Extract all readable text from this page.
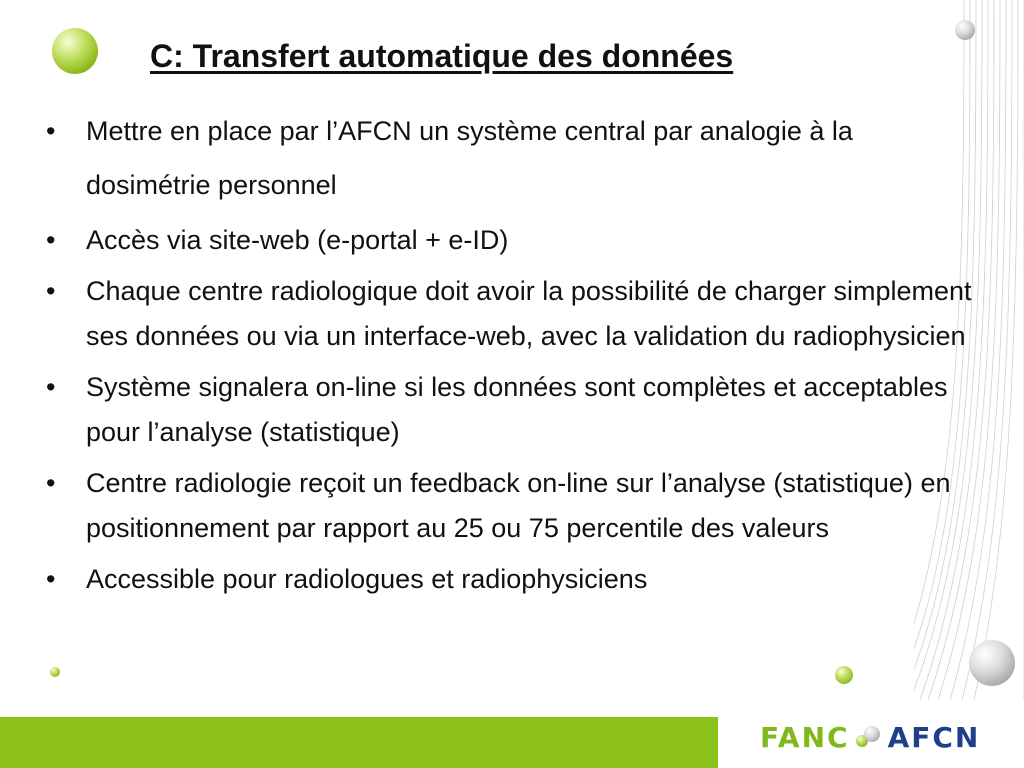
C: Transfert automatique des données
•	Mettre en place par l’AFCN un système central par analogie à la dosimétrie personnel
•	Accès via site-web (e-portal + e-ID)
•	Chaque centre radiologique doit avoir la possibilité de charger simplement ses données ou via un interface-web, avec la validation du radiophysicien
•	Système signalera on-line si les données sont complètes et acceptables pour l’analyse (statistique)
•	Centre radiologie reçoit un feedback on-line sur l’analyse (statistique) en positionnement par rapport au 25 ou 75 percentile des valeurs
•	Accessible pour radiologues et radiophysiciens
FANC AFCN
